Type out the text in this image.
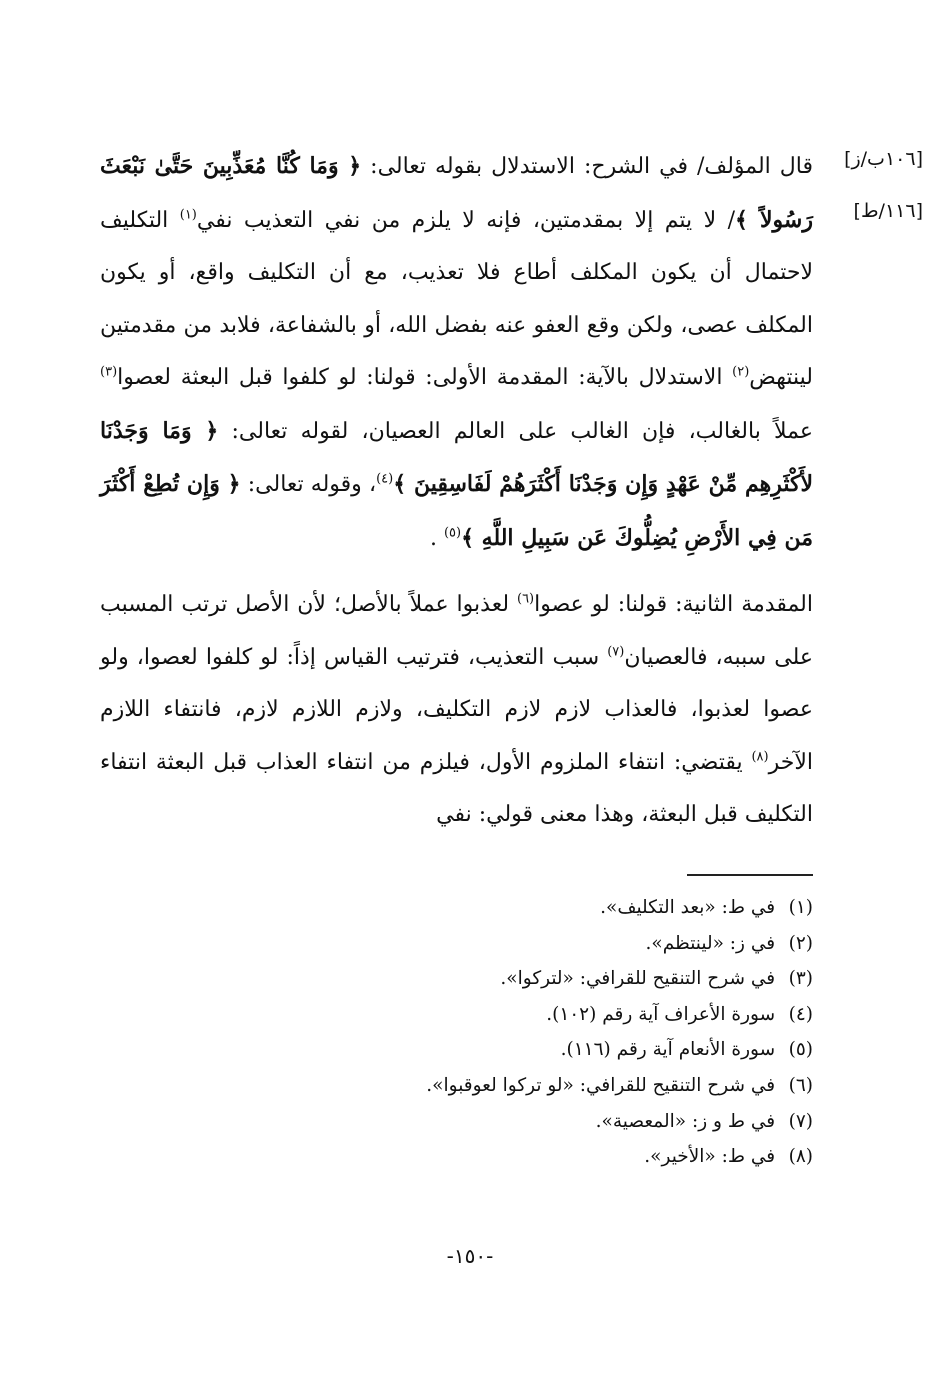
[١٠٦ب/ز]
[١١٦/ط]

قال المؤلف/ في الشرح: الاستدلال بقوله تعالى: ﴿ وَمَا كُنَّا مُعَذِّبِينَ حَتَّىٰ نَبْعَثَ رَسُولاً ﴾/ لا يتم إلا بمقدمتين، فإنه لا يلزم من نفي التعذيب نفي$^{(١)}$ التكليف لاحتمال أن يكون المكلف أطاع فلا تعذيب، مع أن التكليف واقع، أو يكون المكلف عصى، ولكن وقع العفو عنه بفضل الله، أو بالشفاعة، فلابد من مقدمتين لينتهض$^{(٢)}$ الاستدلال بالآية: المقدمة الأولى: قولنا: لو كلفوا قبل البعثة لعصوا$^{(٣)}$ عملاً بالغالب، فإن الغالب على العالم العصيان، لقوله تعالى: ﴿ وَمَا وَجَدْنَا لأَكْثَرِهِم مِّنْ عَهْدٍ وَإِن وَجَدْنَا أَكْثَرَهُمْ لَفَاسِقِينَ ﴾$^{(٤)}$، وقوله تعالى: ﴿ وَإِن تُطِعْ أَكْثَرَ مَن فِي الأَرْضِ يُضِلُّوكَ عَن سَبِيلِ اللَّهِ ﴾$^{(٥)}$ .

المقدمة الثانية: قولنا: لو عصوا$^{(٦)}$ لعذبوا عملاً بالأصل؛ لأن الأصل ترتب المسبب على سببه، فالعصيان$^{(٧)}$ سبب التعذيب، فترتيب القياس إذاً: لو كلفوا لعصوا، ولو عصوا لعذبوا، فالعذاب لازم لازم التكليف، ولازم اللازم لازم، فانتفاء اللازم الآخر$^{(٨)}$ يقتضي: انتفاء الملزوم الأول، فيلزم من انتفاء العذاب قبل البعثة انتفاء التكليف قبل البعثة، وهذا معنى قولي: نفي

(١) في ط: «بعد التكليف».
(٢) في ز: «لينتظم».
(٣) في شرح التنقيح للقرافي: «لتركوا».
(٤) سورة الأعراف آية رقم (١٠٢).
(٥) سورة الأنعام آية رقم (١١٦).
(٦) في شرح التنقيح للقرافي: «لو تركوا لعوقبوا».
(٧) في ط و ز: «المعصية».
(٨) في ط: «الأخير».
-١٥٠-
